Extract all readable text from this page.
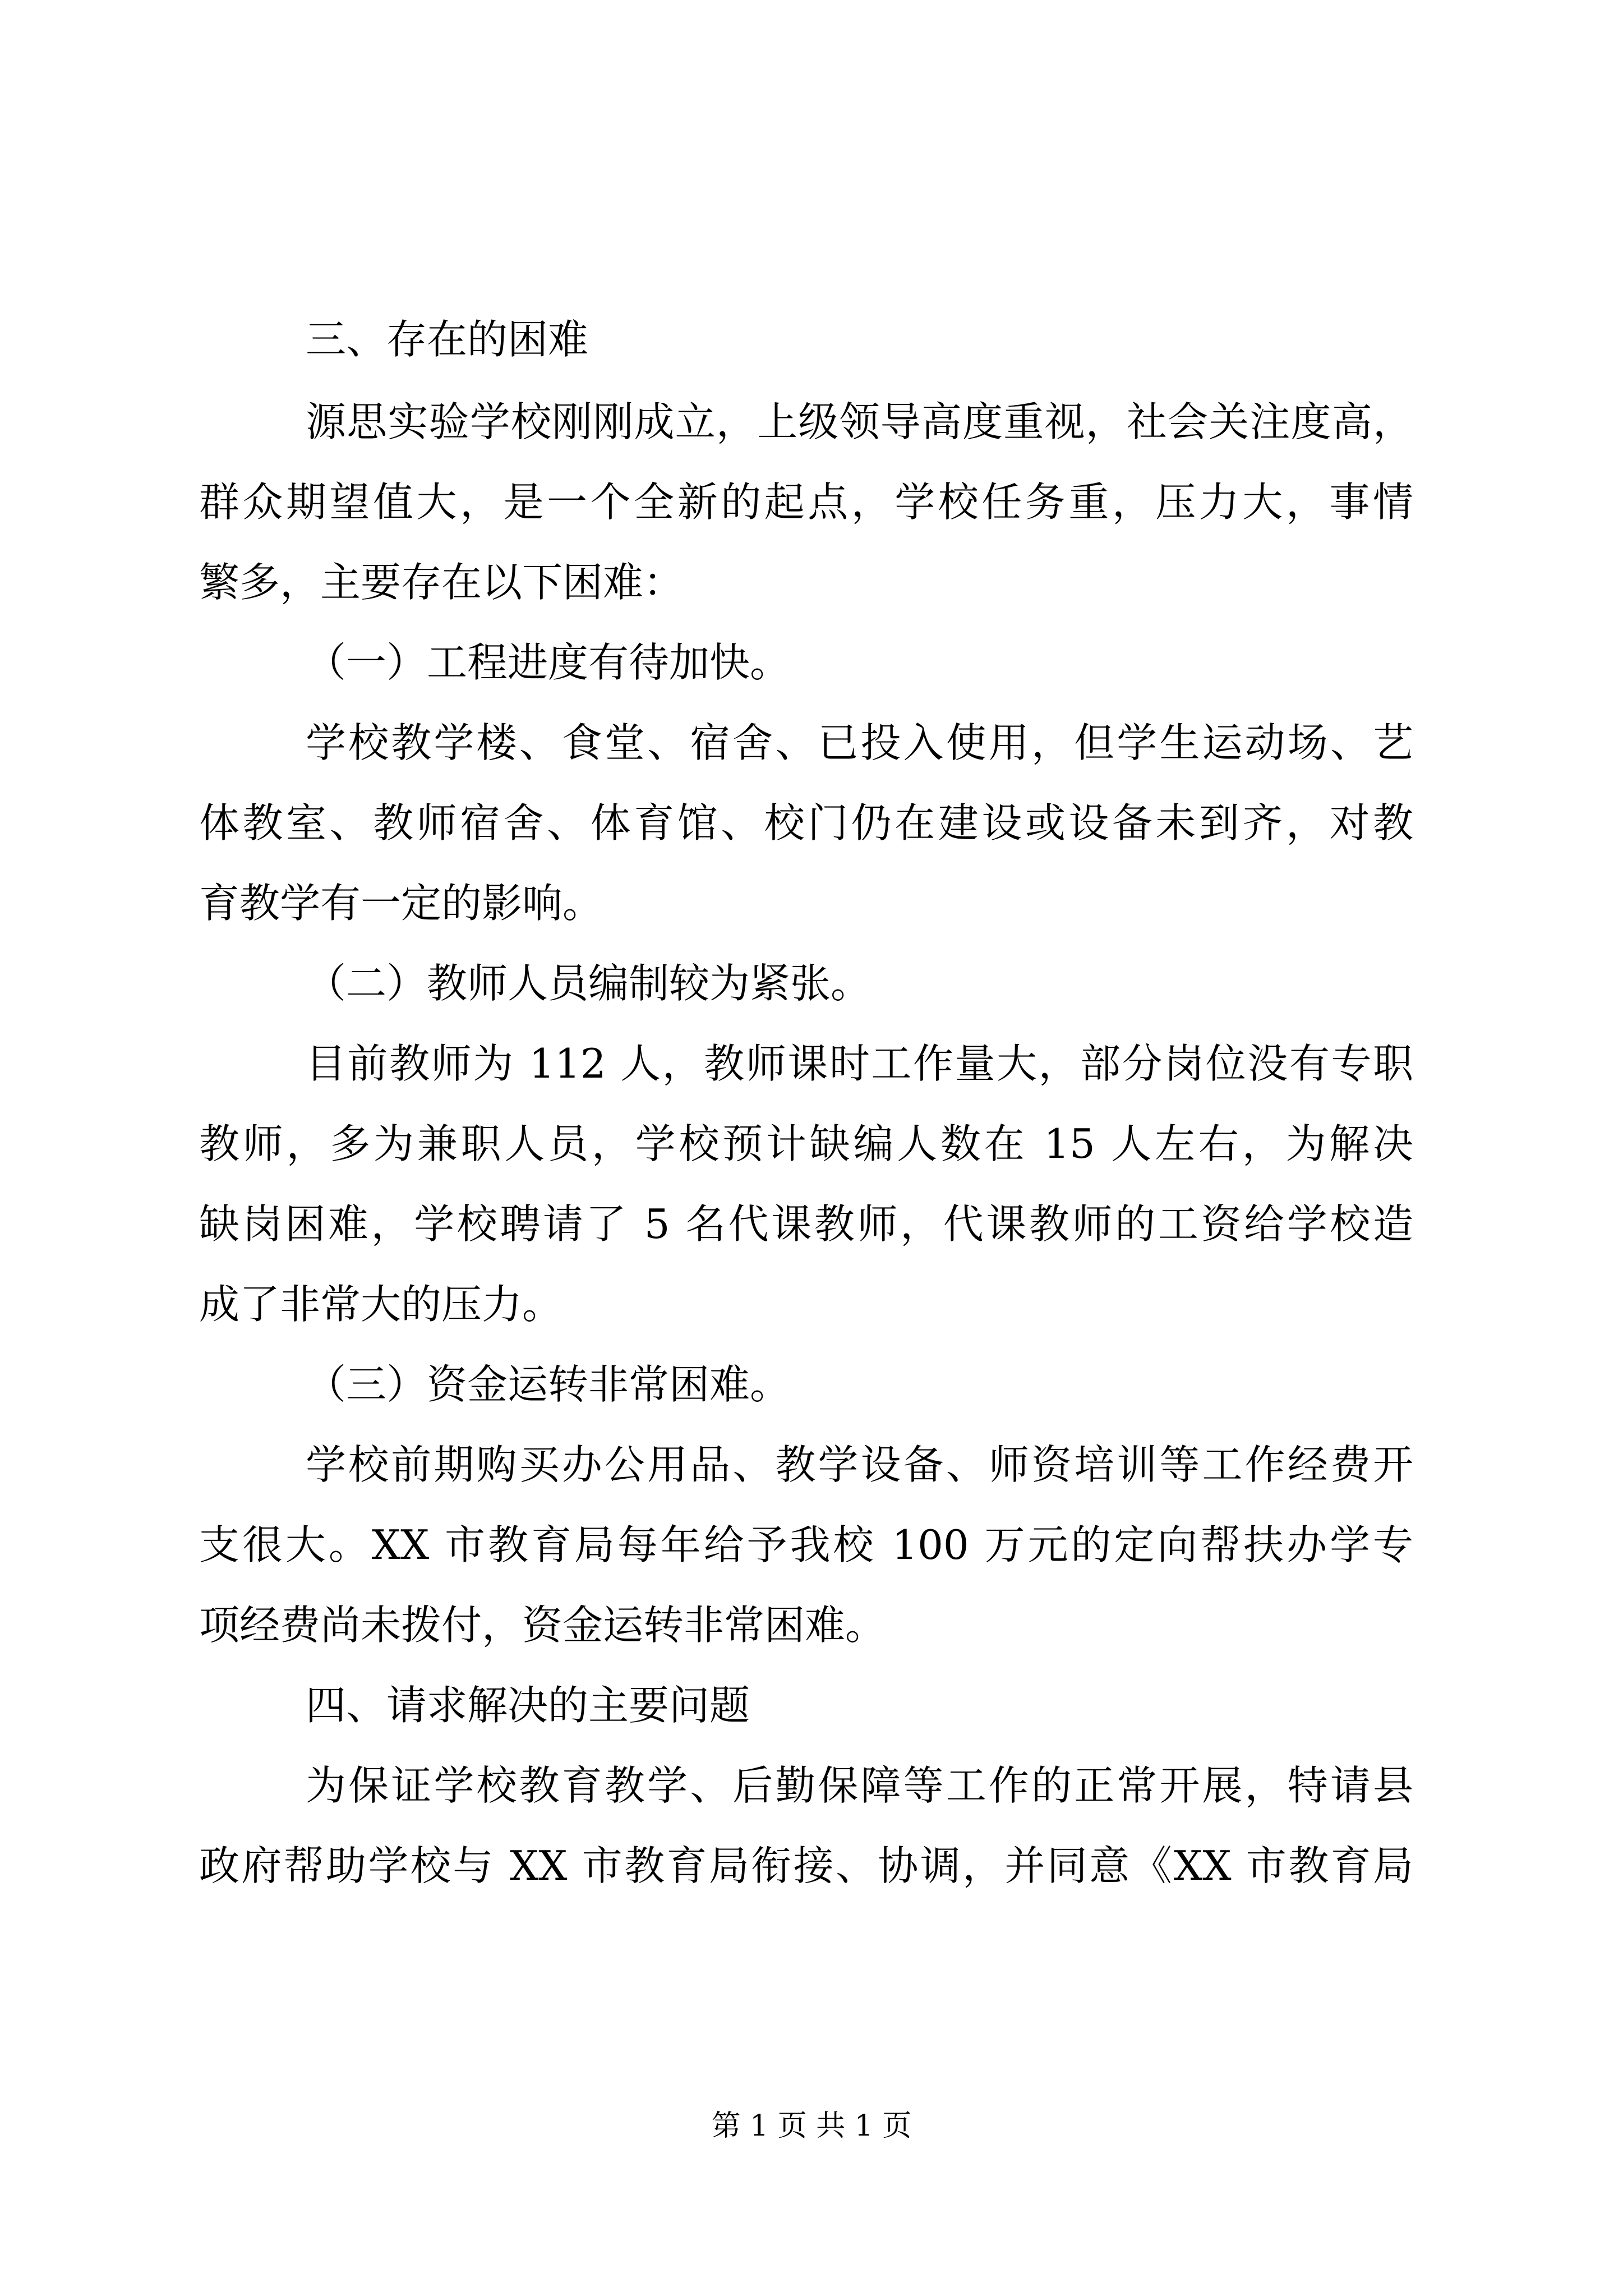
三、存在的困难
源思实验学校刚刚成立，上级领导高度重视，社会关注度高，
群众期望值大，是一个全新的起点，学校任务重，压力大，事情
繁多，主要存在以下困难：
（一）工程进度有待加快。
学校教学楼、食堂、宿舍、已投入使用，但学生运动场、艺
体教室、教师宿舍、体育馆、校门仍在建设或设备未到齐，对教
育教学有一定的影响。
（二）教师人员编制较为紧张。
目前教师为 112 人，教师课时工作量大，部分岗位没有专职
教师，多为兼职人员，学校预计缺编人数在 15 人左右，为解决
缺岗困难，学校聘请了 5 名代课教师，代课教师的工资给学校造
成了非常大的压力。
（三）资金运转非常困难。
学校前期购买办公用品、教学设备、师资培训等工作经费开
支很大。XX 市教育局每年给予我校 100 万元的定向帮扶办学专
项经费尚未拨付，资金运转非常困难。
四、请求解决的主要问题
为保证学校教育教学、后勤保障等工作的正常开展，特请县
政府帮助学校与 XX 市教育局衔接、协调，并同意《XX 市教育局
第 1 页 共 1 页
